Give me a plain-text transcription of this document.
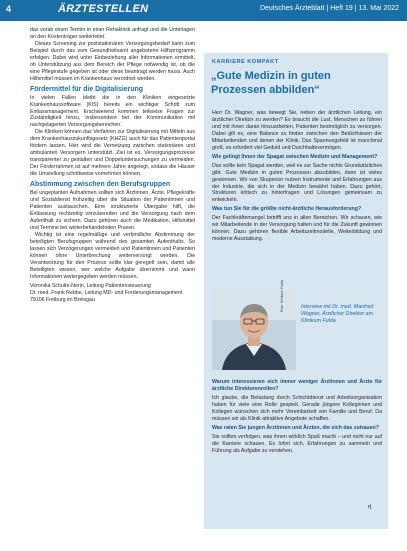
4	ÄRZTESTELLEN	Deutsches Ärzteblatt | Heft 19 | 13. Mai 2022

das vorab einen Termin in einer Rehaklinik anfragt und die Unterlagen an den Kostenträger weiterleitet.

Dieses Screening zur poststationären Versorgungsbedarf kann zum Beispiel durch das vom Gesundheitsamt angebotene Hilfsprogramm erfolgen. Dabei wird unter Einbeziehung aller Informationen ermittelt, ob Unterstützung aus dem Bereich der Pflege notwendig ist, ob die eine Pflegestufe gegeben ist oder diese beantragt werden muss. Auch Hilfsmittel müssen im Krankenhaus verordnet werden.

Fördermittel für die Digitalisierung

In vielen Fällen bleibt die in den Kliniken eingesetzte Krankenhaussoftware (KIS) bereits ein wichtiger Schritt zum Entlassmanagement. Erschwerend kommen teilweise Fragen zur Zuständigkeit hinzu, insbesondere bei der Kommunikation mit nachgelagerten Versorgungsbereichen.

Die Kliniken können das Verfahren zur Digitalisierung mit Mitteln aus dem Krankenhauszukunftsgesetz (KHZG) auch für das Patientenportal fördern lassen. Hier wird die Vernetzung zwischen stationären und ambulanten Versorgern unterstützt. Ziel ist es, Versorgungsprozesse transparenter zu gestalten und Doppeluntersuchungen zu vermeiden. Der Förderrahmen ist auf mehrere Jahre angelegt, sodass die Häuser die Umstellung schrittweise vornehmen können.

Abstimmung zwischen den Berufsgruppen

Bei ungeplanten Aufnahmen sollten sich Ärztinnen, Ärzte, Pflegekräfte und Sozialdienst frühzeitig über die Situation der Patientinnen und Patienten austauschen. Eine strukturierte Übergabe hilft, die Entlassung rechtzeitig vorzubereiten und die Versorgung nach dem Aufenthalt zu sichern. Dazu gehören auch die Medikation, Hilfsmittel und Termine bei weiterbehandelnden Praxen.

Wichtig ist eine regelmäßige und verbindliche Abstimmung der beteiligten Berufsgruppen während des gesamten Aufenthalts. So lassen sich Verzögerungen vermeiden und Patientinnen und Patienten können ohne Unterbrechung weiterversorgt werden. Die Verantwortung für den Prozess sollte klar geregelt sein, damit alle Beteiligten wissen, wer welche Aufgabe übernimmt und wann Informationen weitergegeben werden müssen.

Veronika Schulte-Nerin, Leitung Patientensteuerung

Dr. med. Frank Rebbe, Leitung MD- und Forderungsmanagement

79106 Freiburg im Breisgau

KARRIERE KOMPAKT
„Gute Medizin in guten Prozessen abbilden“

Herr Dr. Wagner, was bewegt Sie, neben der ärztlichen Leitung, ein ärztlicher Direktor zu werden? Es braucht die Lust, Menschen zu führen und mit ihnen daran hinzuarbeiten, Patienten bestmöglich zu versorgen. Dabei gilt es, eine Balance zu finden zwischen den Bedürfnissen der Mitarbeitenden und denen der Klinik. Das Spannungsfeld ist manchmal groß, es erfordert viel Geduld und Durchhaltevermögen.

Wie gelingt Ihnen der Spagat zwischen Medizin und Management?

Das sollte kein Spagat werden, weil es zur Sache nichts Grundsätzliches gibt. Gute Medizin in guten Prozessen abzubilden, dann ist vieles gewonnen. Wir von Skupenior nutzen Instrumente und Erfahrungen aus der Industrie, die sich in der Medizin bewährt haben. Dazu gehört, Strukturen kritisch zu hinterfragen und Lösungen gemeinsam zu entwickeln.

Was tun Sie für die größte nicht-ärztliche Herausforderung?

Der Fachkräftemangel betrifft uns in allen Bereichen. Wir schauen, wie wir Mitarbeitende in der Versorgung halten und für die Zukunft gewinnen können. Dazu gehören flexible Arbeitszeitmodelle, Weiterbildung und moderne Ausstattung.

Foto: Klinikum Fulda	Interview mit Dr. med. Manfred Wagner, Ärztlicher Direktor am Klinikum Fulda

Warum interessieren sich immer weniger Ärztinnen und Ärzte für ärztliche Direktorenrollen?

Ich glaube, die Belastung durch Schichtdienst und Arbeitsorganisation haben für viele eine Rolle gespielt. Gerade jüngere Kolleginnen und Kollegen wünschen sich mehr Vereinbarkeit von Familie und Beruf. Da müssen wir als Klinik attraktive Angebote schaffen.

Was raten Sie jungen Ärztinnen und Ärzten, die sich das zutrauen?

Sie sollten verfolgen, was ihnen wirklich Spaß macht – und nicht nur auf die Karriere schauen. Es lohnt sich, Erfahrungen zu sammeln und Führung als Aufgabe zu verstehen.

rj
